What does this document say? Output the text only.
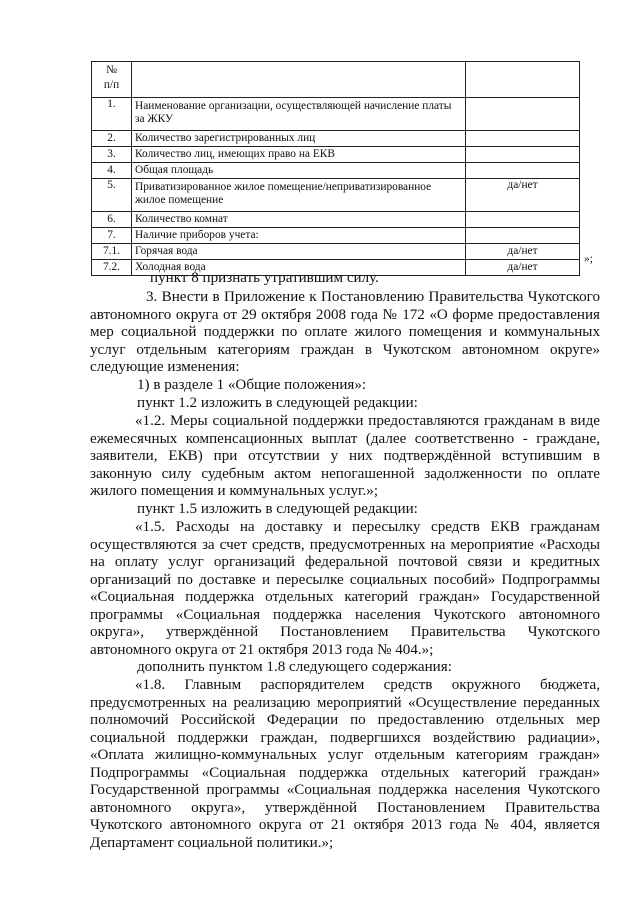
№
п/п		
1.	Наименование организации, осуществляющей начисление платы за ЖКУ	
2.	Количество зарегистрированных лиц	
3.	Количество лиц, имеющих право на ЕКВ	
4.	Общая площадь	
5.	Приватизированное жилое помещение/неприватизированное жилое помещение	да/нет
6.	Количество комнат	
7.	Наличие приборов учета:	
7.1.	Горячая вода	да/нет
7.2.	Холодная вода	да/нет
»;

пункт 8 признать утратившим силу.

3. Внести в Приложение к Постановлению Правительства Чукотского
автономного округа от 29 октября 2008 года № 172 «О форме предоставления
мер социальной поддержки по оплате жилого помещения и коммунальных
услуг отдельным категориям граждан в Чукотском автономном округе»
следующие изменения:

1) в разделе 1 «Общие положения»:

пункт 1.2 изложить в следующей редакции:

«1.2. Меры социальной поддержки предоставляются гражданам в виде
ежемесячных компенсационных выплат (далее соответственно - граждане,
заявители, ЕКВ) при отсутствии у них подтверждённой вступившим в
законную силу судебным актом непогашенной задолженности по оплате
жилого помещения и коммунальных услуг.»;

пункт 1.5 изложить в следующей редакции:

«1.5. Расходы на доставку и пересылку средств ЕКВ гражданам
осуществляются за счет средств, предусмотренных на мероприятие «Расходы
на оплату услуг организаций федеральной почтовой связи и кредитных
организаций по доставке и пересылке социальных пособий» Подпрограммы
«Социальная поддержка отдельных категорий граждан» Государственной
программы «Социальная поддержка населения Чукотского автономного
округа», утверждённой Постановлением Правительства Чукотского
автономного округа от 21 октября 2013 года № 404.»;

дополнить пунктом 1.8 следующего содержания:

«1.8. Главным распорядителем средств окружного бюджета,
предусмотренных на реализацию мероприятий «Осуществление переданных
полномочий Российской Федерации по предоставлению отдельных мер
социальной поддержки граждан, подвергшихся воздействию радиации»,
«Оплата жилищно-коммунальных услуг отдельным категориям граждан»
Подпрограммы «Социальная поддержка отдельных категорий граждан»
Государственной программы «Социальная поддержка населения Чукотского
автономного округа», утверждённой Постановлением Правительства
Чукотского автономного округа от 21 октября 2013 года № 404, является
Департамент социальной политики.»;
